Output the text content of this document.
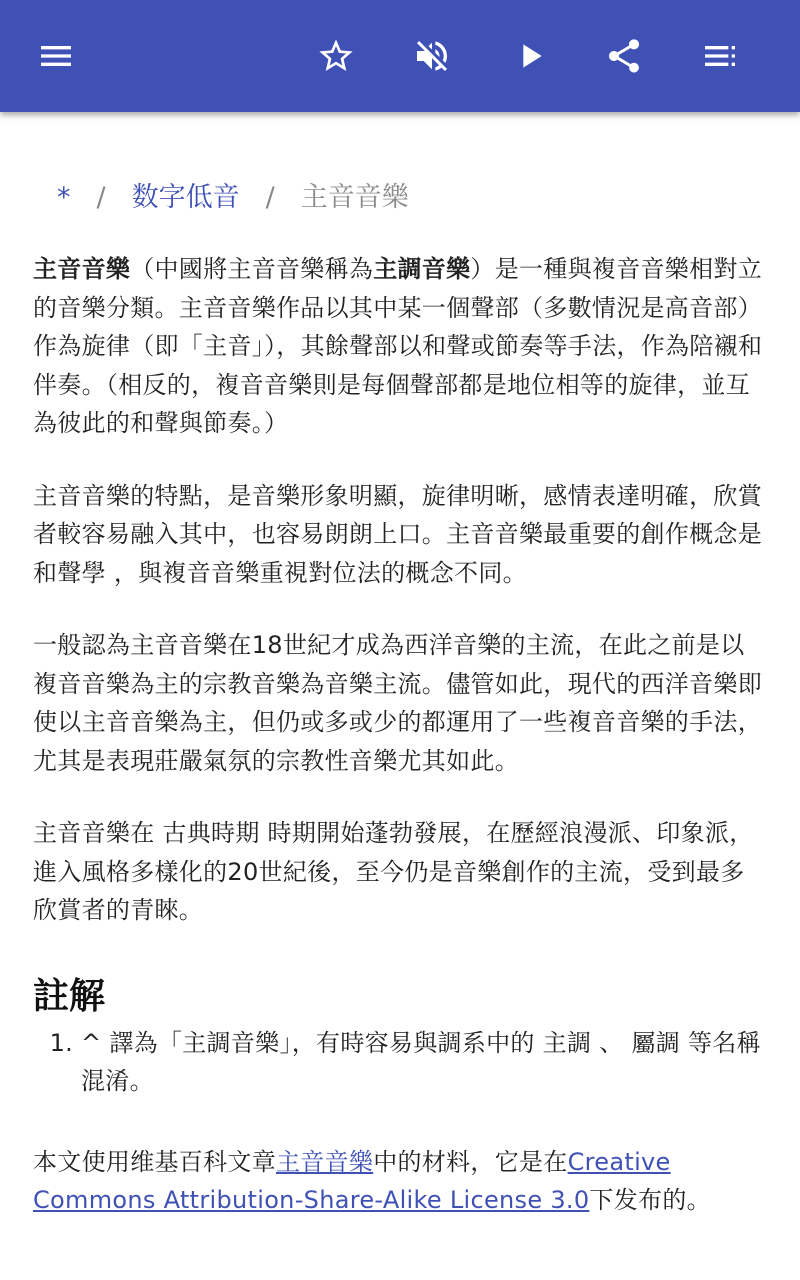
* / 数字低音 / 主音音樂

主音音樂（中國將主音音樂稱為主調音樂）是一種與複音音樂相對立的音樂分類。主音音樂作品以其中某一個聲部（多數情況是高音部）作為旋律（即「主音」），其餘聲部以和聲或節奏等手法，作為陪襯和伴奏。（相反的，複音音樂則是每個聲部都是地位相等的旋律，並互為彼此的和聲與節奏。）

主音音樂的特點，是音樂形象明顯，旋律明晰，感情表達明確，欣賞者較容易融入其中，也容易朗朗上口。主音音樂最重要的創作概念是 和聲學 ，與複音音樂重視對位法的概念不同。

一般認為主音音樂在18世紀才成為西洋音樂的主流，在此之前是以複音音樂為主的宗教音樂為音樂主流。儘管如此，現代的西洋音樂即使以主音音樂為主，但仍或多或少的都運用了一些複音音樂的手法，尤其是表現莊嚴氣氛的宗教性音樂尤其如此。

主音音樂在 古典時期 時期開始蓬勃發展，在歷經浪漫派、印象派，進入風格多樣化的20世紀後，至今仍是音樂創作的主流，受到最多欣賞者的青睞。

註解
1. ^ 譯為「主調音樂」，有時容易與調系中的 主調 、 屬調 等名稱混淆。

本文使用维基百科文章主音音樂中的材料，它是在Creative Commons Attribution-Share-Alike License 3.0下发布的。
